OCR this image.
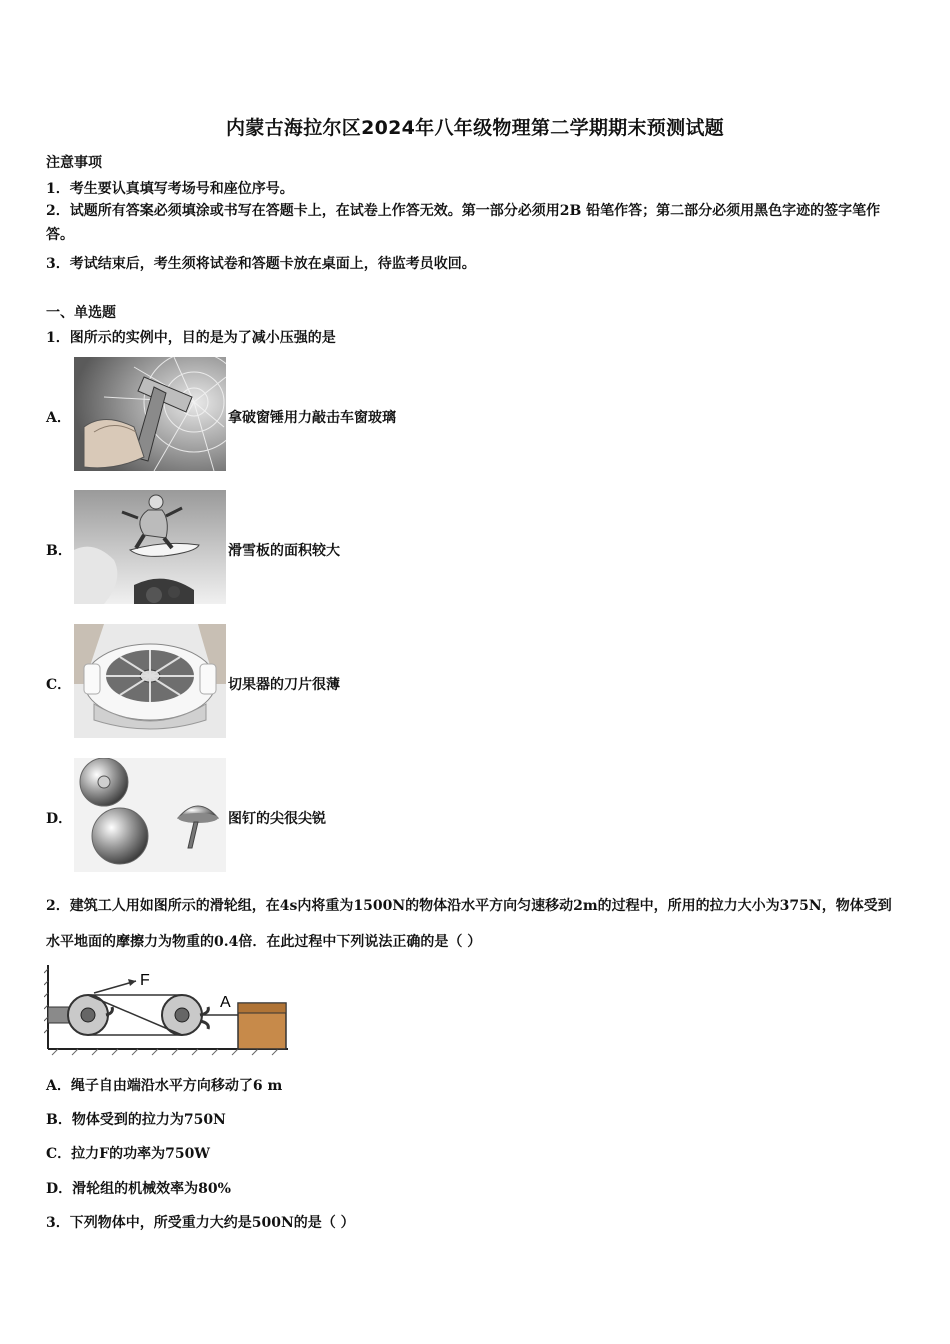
内蒙古海拉尔区2024年八年级物理第二学期期末预测试题
注意事项
1．考生要认真填写考场号和座位序号。
2．试题所有答案必须填涂或书写在答题卡上，在试卷上作答无效。第一部分必须用2B 铅笔作答；第二部分必须用黑色字迹的签字笔作答。
3．考试结束后，考生须将试卷和答题卡放在桌面上，待监考员收回。
一、单选题
1．图所示的实例中，目的是为了减小压强的是
A．	拿破窗锤用力敲击车窗玻璃
B．	滑雪板的面积较大
C．	切果器的刀片很薄
D．	图钉的尖很尖锐
2．建筑工人用如图所示的滑轮组，在4s内将重为1500N的物体沿水平方向匀速移动2m的过程中，所用的拉力大小为375N，物体受到水平地面的摩擦力为物重的0.4倍．在此过程中下列说法正确的是（ ）
F
A
A．绳子自由端沿水平方向移动了6 m
B．物体受到的拉力为750N
C．拉力F的功率为750W
D．滑轮组的机械效率为80%
3．下列物体中，所受重力大约是500N的是（ ）
